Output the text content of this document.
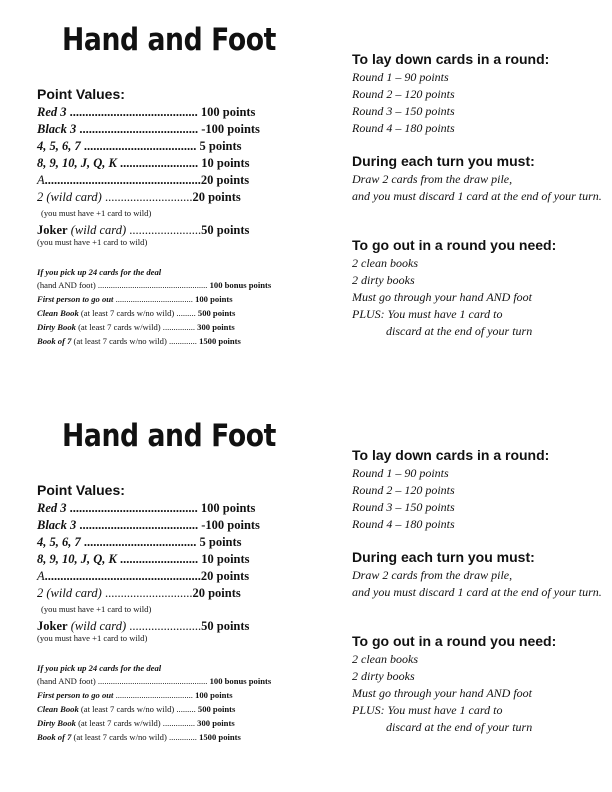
Hand and Foot
Point Values:
Red 3 ......................................... 100 points
Black 3 ...................................... -100 points
4, 5, 6, 7 .................................... 5 points
8, 9, 10, J, Q, K ......................... 10 points
A..................................................20 points
2 (wild card) ............................20 points
(you must have +1 card to wild)
Joker (wild card) .......................50 points
(you must have +1 card to wild)
If you pick up 24 cards for the deal
(hand AND foot) ................................................... 100 bonus points
First person to go out .................................... 100 points
Clean Book (at least 7 cards w/no wild) ......... 500 points
Dirty Book (at least 7 cards w/wild) ............... 300 points
Book of 7 (at least 7 cards w/no wild) ............. 1500 points
To lay down cards in a round:
Round 1 – 90 points
Round 2 – 120 points
Round 3 – 150 points
Round 4 – 180 points
During each turn you must:
Draw 2 cards from the draw pile,
and you must discard 1 card at the end of your turn.
To go out in a round you need:
2 clean books
2 dirty books
Must go through your hand AND foot
PLUS: You must have 1 card to
discard at the end of your turn
Hand and Foot
Point Values:
Red 3 ......................................... 100 points
Black 3 ...................................... -100 points
4, 5, 6, 7 .................................... 5 points
8, 9, 10, J, Q, K ......................... 10 points
A..................................................20 points
2 (wild card) ............................20 points
(you must have +1 card to wild)
Joker (wild card) .......................50 points
(you must have +1 card to wild)
If you pick up 24 cards for the deal
(hand AND foot) ................................................... 100 bonus points
First person to go out .................................... 100 points
Clean Book (at least 7 cards w/no wild) ......... 500 points
Dirty Book (at least 7 cards w/wild) ............... 300 points
Book of 7 (at least 7 cards w/no wild) ............. 1500 points
To lay down cards in a round:
Round 1 – 90 points
Round 2 – 120 points
Round 3 – 150 points
Round 4 – 180 points
During each turn you must:
Draw 2 cards from the draw pile,
and you must discard 1 card at the end of your turn.
To go out in a round you need:
2 clean books
2 dirty books
Must go through your hand AND foot
PLUS: You must have 1 card to
discard at the end of your turn
